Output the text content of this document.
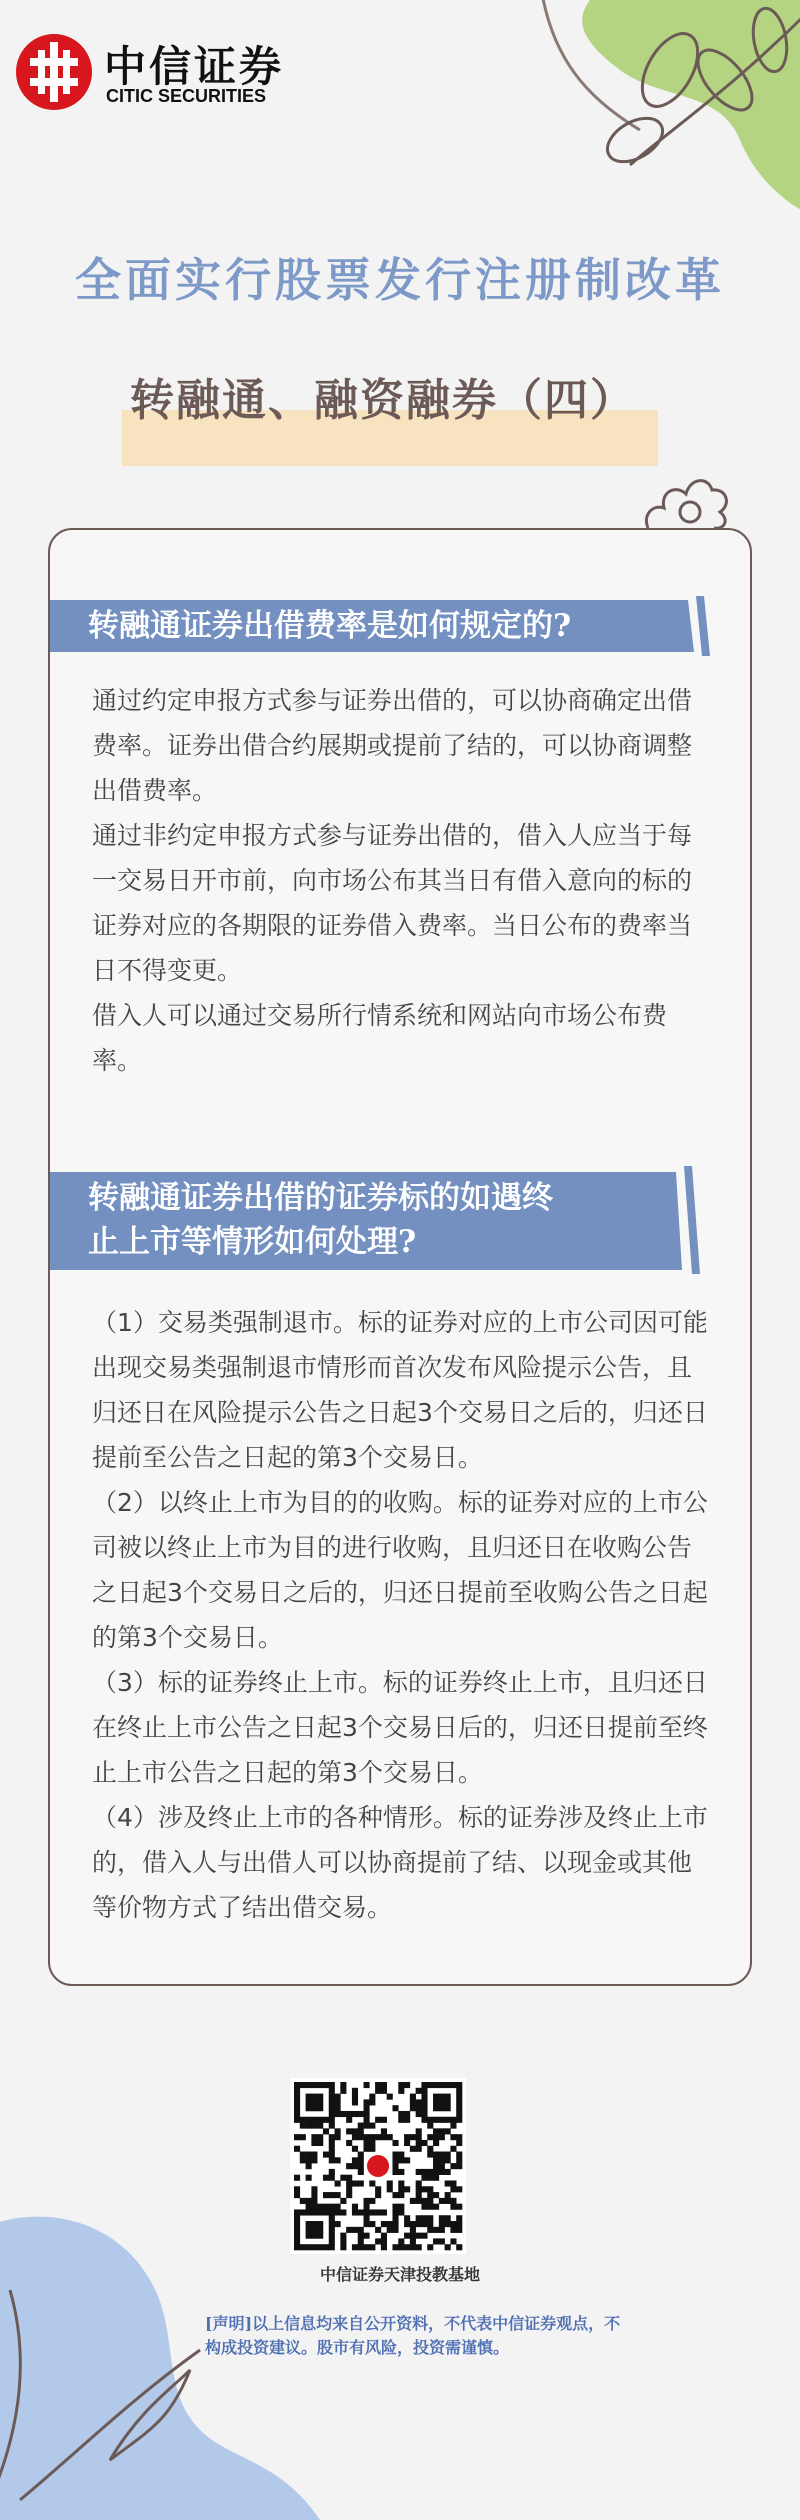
中信证券
CITIC SECURITIES
全面实行股票发行注册制改革
转融通、融资融券（四）
转融通证券出借费率是如何规定的?

通过约定申报方式参与证券出借的，可以协商确定出借费率。证券出借合约展期或提前了结的，可以协商调整出借费率。

通过非约定申报方式参与证券出借的，借入人应当于每一交易日开市前，向市场公布其当日有借入意向的标的证券对应的各期限的证券借入费率。当日公布的费率当日不得变更。

借入人可以通过交易所行情系统和网站向市场公布费率。

转融通证券出借的证券标的如遇终
止上市等情形如何处理?

（1）交易类强制退市。标的证券对应的上市公司因可能出现交易类强制退市情形而首次发布风险提示公告，且归还日在风险提示公告之日起3个交易日之后的，归还日提前至公告之日起的第3个交易日。

（2）以终止上市为目的的收购。标的证券对应的上市公司被以终止上市为目的进行收购，且归还日在收购公告之日起3个交易日之后的，归还日提前至收购公告之日起的第3个交易日。

（3）标的证券终止上市。标的证券终止上市，且归还日在终止上市公告之日起3个交易日后的，归还日提前至终止上市公告之日起的第3个交易日。

（4）涉及终止上市的各种情形。标的证券涉及终止上市的，借入人与出借人可以协商提前了结、以现金或其他等价物方式了结出借交易。

中信证券天津投教基地
[声明]以上信息均来自公开资料，不代表中信证券观点，不构成投资建议。股市有风险，投资需谨慎。
